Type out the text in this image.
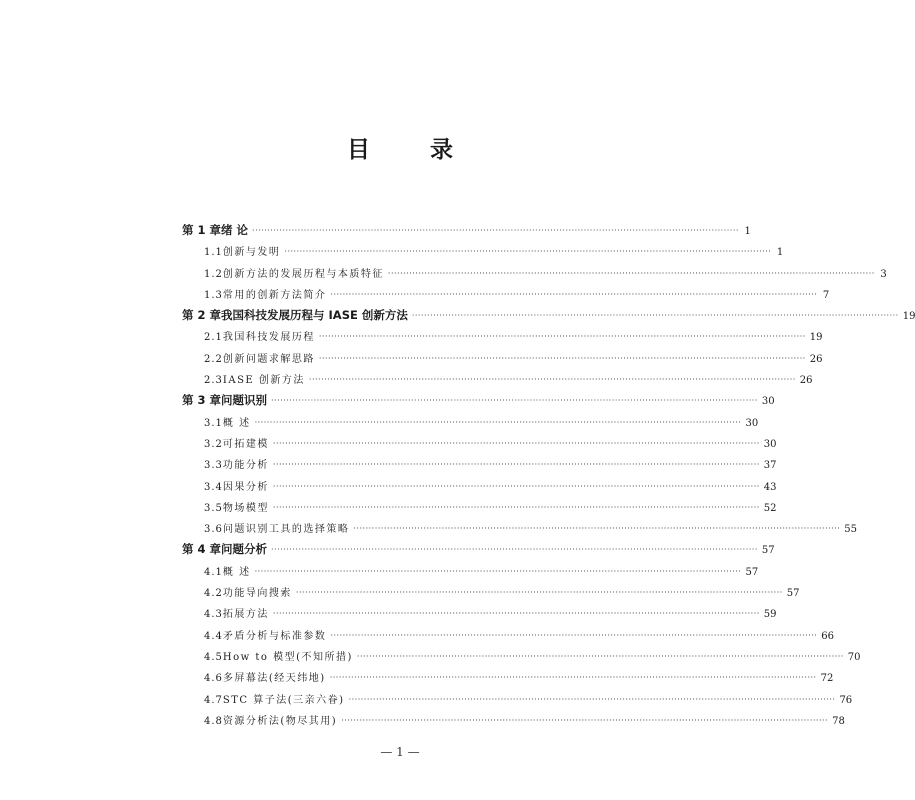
目 录
第 1 章 绪 论 ································································································································································ 1
1.1 创新与发明 ································································································································································ 1
1.2 创新方法的发展历程与本质特征 ································································································································································ 3
1.3 常用的创新方法简介 ································································································································································ 7
第 2 章 我国科技发展历程与 IASE 创新方法 ································································································································································ 19
2.1 我国科技发展历程 ································································································································································ 19
2.2 创新问题求解思路 ································································································································································ 26
2.3 IASE 创新方法 ································································································································································ 26
第 3 章 问题识别 ································································································································································ 30
3.1 概 述 ································································································································································ 30
3.2 可拓建模 ································································································································································ 30
3.3 功能分析 ································································································································································ 37
3.4 因果分析 ································································································································································ 43
3.5 物场模型 ································································································································································ 52
3.6 问题识别工具的选择策略 ································································································································································ 55
第 4 章 问题分析 ································································································································································ 57
4.1 概 述 ································································································································································ 57
4.2 功能导向搜索 ································································································································································ 57
4.3 拓展方法 ································································································································································ 59
4.4 矛盾分析与标准参数 ································································································································································ 66
4.5 How to 模型(不知所措) ································································································································································ 70
4.6 多屏幕法(经天纬地) ································································································································································ 72
4.7 STC 算子法(三亲六眷) ································································································································································ 76
4.8 资源分析法(物尽其用) ································································································································································ 78
— 1 —
